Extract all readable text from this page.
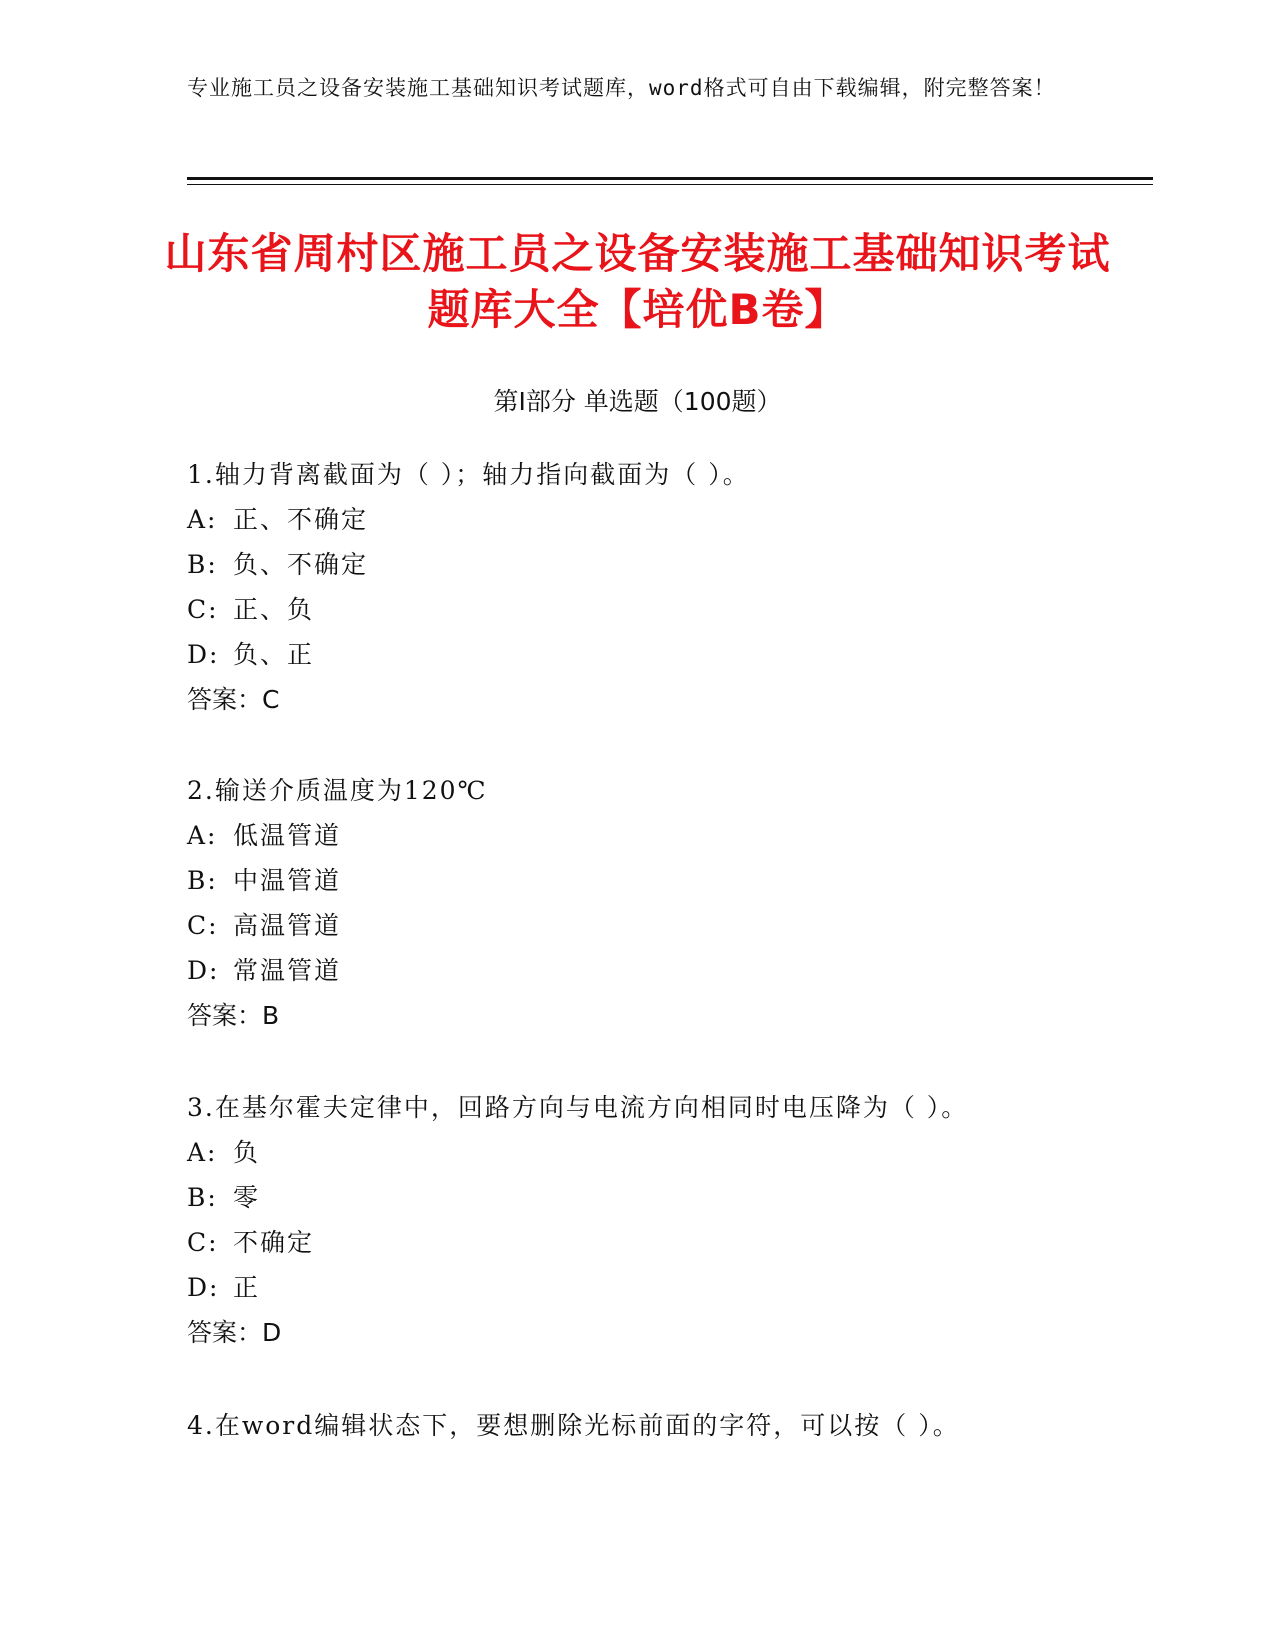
专业施工员之设备安装施工基础知识考试题库，word格式可自由下载编辑，附完整答案！
山东省周村区施工员之设备安装施工基础知识考试题库大全【培优B卷】
第Ⅰ部分 单选题（100题）
1.轴力背离截面为（ ）；轴力指向截面为（ ）。
A: 正、不确定
B: 负、不确定
C: 正、负
D: 负、正
答案：C
2.输送介质温度为120℃
A: 低温管道
B: 中温管道
C: 高温管道
D: 常温管道
答案：B
3.在基尔霍夫定律中，回路方向与电流方向相同时电压降为（ ）。
A: 负
B: 零
C: 不确定
D: 正
答案：D
4.在word编辑状态下，要想删除光标前面的字符，可以按（ ）。
